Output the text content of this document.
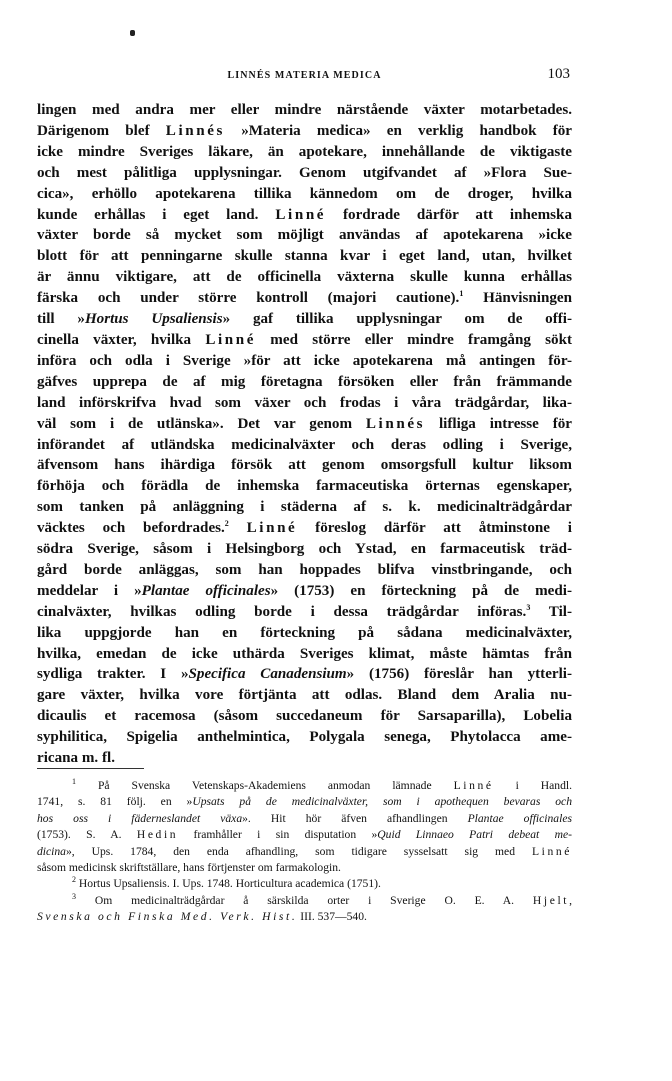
LINNÉS MATERIA MEDICA	103
lingen med andra mer eller mindre närstående växter motarbetades.
Därigenom blef Linnés »Materia medica» en verklig handbok för
icke mindre Sveriges läkare, än apotekare, innehållande de viktigaste
och mest pålitliga upplysningar. Genom utgifvandet af »Flora Sue-
cica», erhöllo apotekarena tillika kännedom om de droger, hvilka
kunde erhållas i eget land. Linné fordrade därför att inhemska
växter borde så mycket som möjligt användas af apotekarena »icke
blott för att penningarne skulle stanna kvar i eget land, utan, hvilket
är ännu viktigare, att de officinella växterna skulle kunna erhållas
färska och under större kontroll (majori cautione).$^1$ Hänvisningen
till »Hortus Upsaliensis» gaf tillika upplysningar om de offi-
cinella växter, hvilka Linné med större eller mindre framgång sökt
införa och odla i Sverige »för att icke apotekarena må antingen för-
gäfves upprepa de af mig företagna försöken eller från främmande
land införskrifva hvad som växer och frodas i våra trädgårdar, lika-
väl som i de utlänska». Det var genom Linnés lifliga intresse för
införandet af utländska medicinalväxter och deras odling i Sverige,
äfvensom hans ihärdiga försök att genom omsorgsfull kultur liksom
förhöja och förädla de inhemska farmaceutiska örternas egenskaper,
som tanken på anläggning i städerna af s. k. medicinalträdgårdar
väcktes och befordrades.$^2$ Linné föreslog därför att åtminstone i
södra Sverige, såsom i Helsingborg och Ystad, en farmaceutisk träd-
gård borde anläggas, som han hoppades blifva vinstbringande, och
meddelar i »Plantae officinales» (1753) en förteckning på de medi-
cinalväxter, hvilkas odling borde i dessa trädgårdar införas.$^3$ Til-
lika uppgjorde han en förteckning på sådana medicinalväxter,
hvilka, emedan de icke uthärda Sveriges klimat, måste hämtas från
sydliga trakter. I »Specifica Canadensium» (1756) föreslår han ytterli-
gare växter, hvilka vore förtjänta att odlas. Bland dem Aralia nu-
dicaulis et racemosa (såsom succedaneum för Sarsaparilla), Lobelia
syphilitica, Spigelia anthelmintica, Polygala senega, Phytolacca ame-
ricana m. fl.
$^1$ På Svenska Vetenskaps-Akademiens anmodan lämnade Linné i Handl.
1741, s. 81 följ. en »Upsats på de medicinalväxter, som i apothequen bevaras och
hos oss i fäderneslandet växa». Hit hör äfven afhandlingen Plantae officinales
(1753). S. A. Hedin framhåller i sin disputation »Quid Linnaeo Patri debeat me-
dicina», Ups. 1784, den enda afhandling, som tidigare sysselsatt sig med Linné
såsom medicinsk skriftställare, hans förtjenster om farmakologin.
$^2$ Hortus Upsaliensis. I. Ups. 1748. Horticultura academica (1751).
$^3$ Om medicinalträdgårdar å särskilda orter i Sverige O. E. A. Hjelt,
Svenska och Finska Med. Verk. Hist. III. 537—540.
